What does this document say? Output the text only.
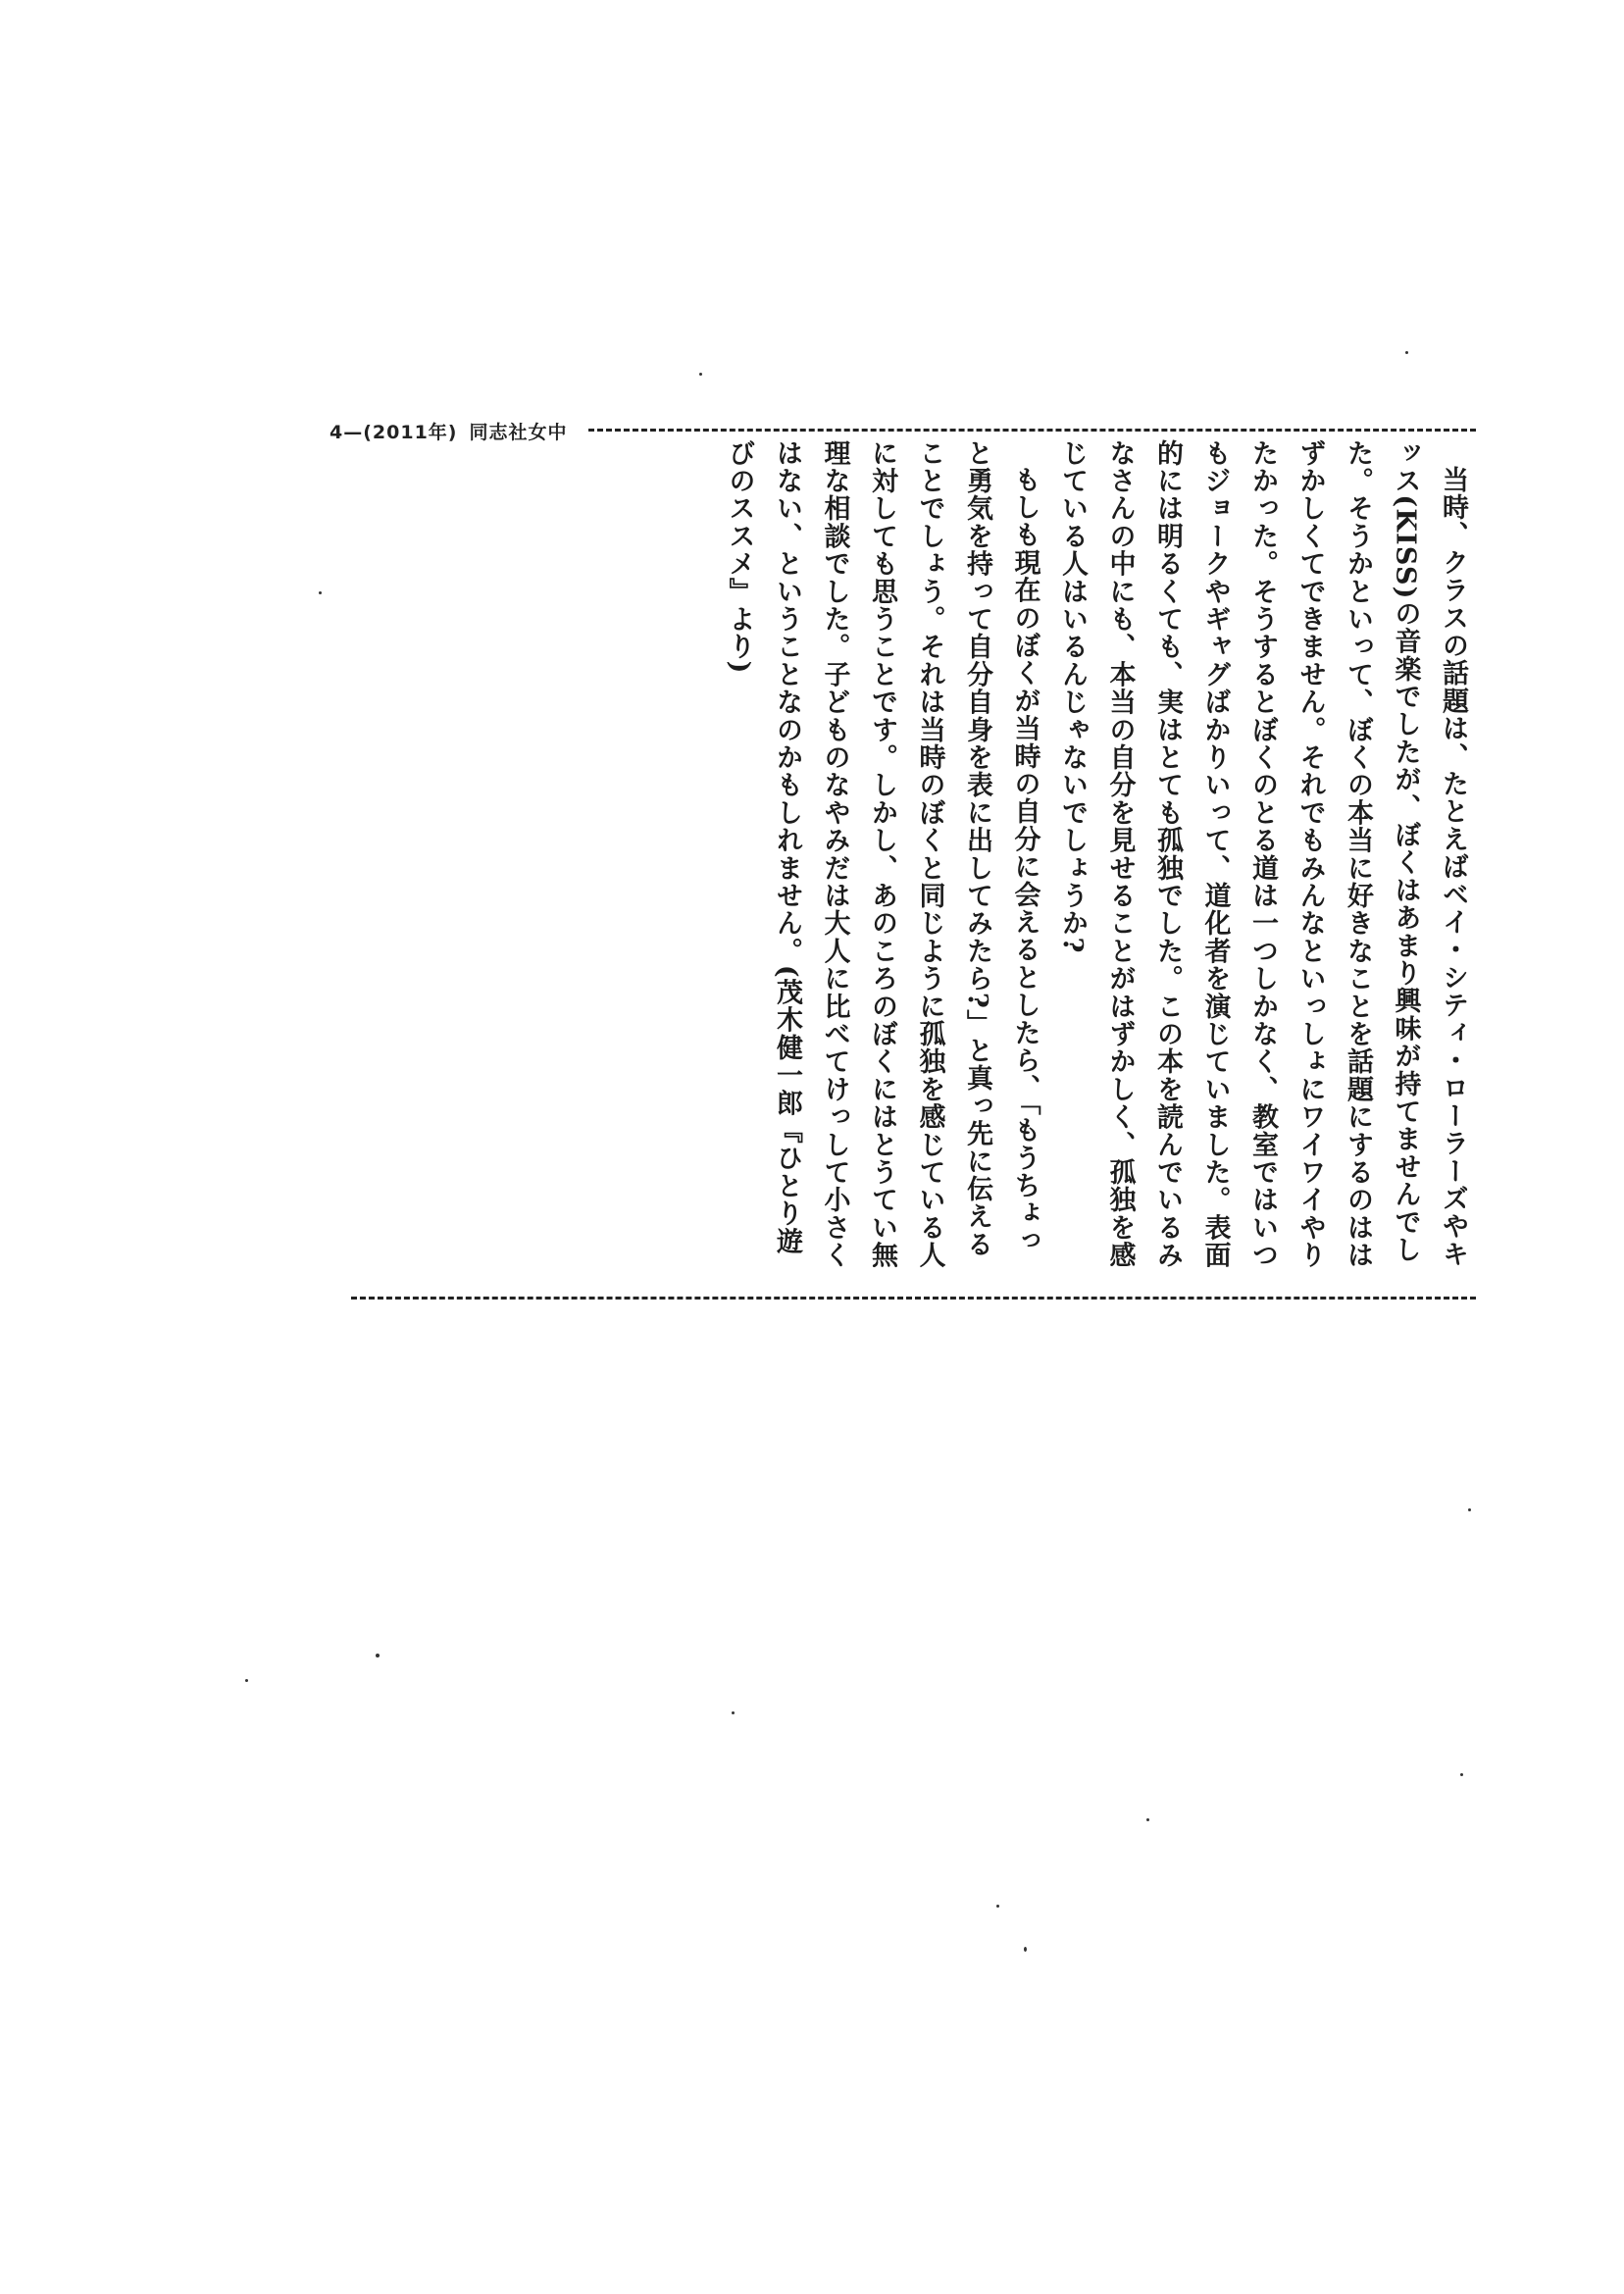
4—(2011年) 同志社女中

当時、クラスの話題は、たとえばベイ・シティ・ローラーズやキッス(KISS)の音楽でしたが、ぼくはあまり興味が持てませんでした。そうかといって、ぼくの本当に好きなことを話題にするのははずかしくてできません。それでもみんなといっしょにワイワイやりたかった。そうするとぼくのとる道は一つしかなく、教室ではいつもジョークやギャグばかりいって、道化者を演じていました。表面的には明るくても、実はとても孤独でした。この本を読んでいるみなさんの中にも、本当の自分を見せることがはずかしく、孤独を感じている人はいるんじゃないでしょうか?

もしも現在のぼくが当時の自分に会えるとしたら、「もうちょっと勇気を持って自分自身を表に出してみたら?」と真っ先に伝えることでしょう。それは当時のぼくと同じように孤独を感じている人に対しても思うことです。しかし、あのころのぼくにはとうてい無理な相談でした。子どものなやみだは大人に比べてけっして小さくはない、ということなのかもしれません。(茂木健一郎『ひとり遊びのススメ』より)
